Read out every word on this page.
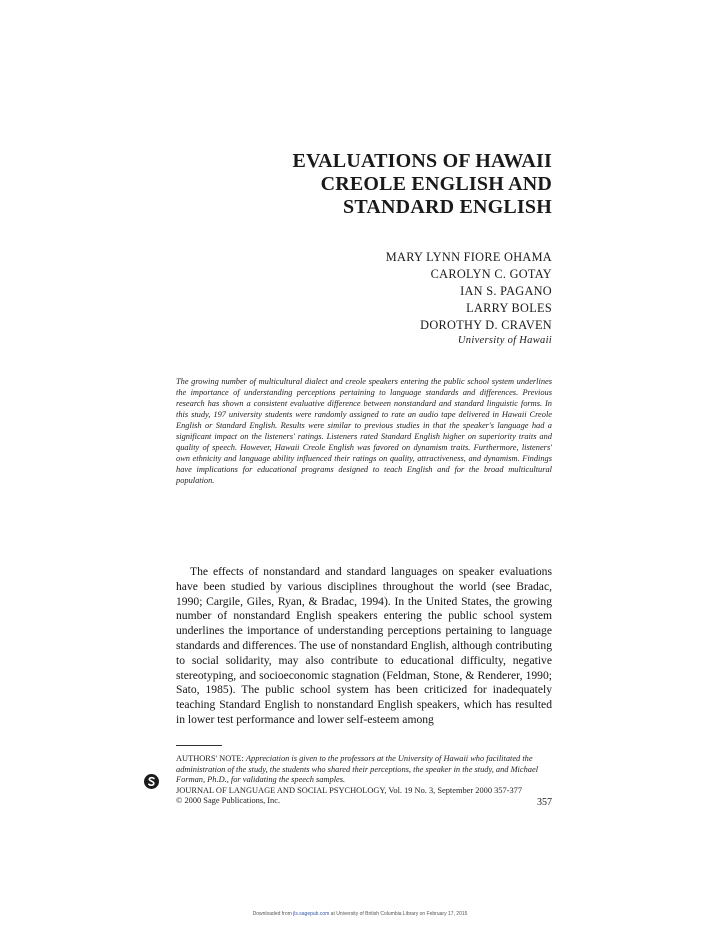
EVALUATIONS OF HAWAII
CREOLE ENGLISH AND
STANDARD ENGLISH
MARY LYNN FIORE OHAMA
CAROLYN C. GOTAY
IAN S. PAGANO
LARRY BOLES
DOROTHY D. CRAVEN
University of Hawaii
The growing number of multicultural dialect and creole speakers entering the public school system underlines the importance of understanding perceptions pertaining to language standards and differences. Previous research has shown a consistent evaluative difference between nonstandard and standard linguistic forms. In this study, 197 university students were randomly assigned to rate an audio tape delivered in Hawaii Creole English or Standard English. Results were similar to previous studies in that the speaker's language had a significant impact on the listeners' ratings. Listeners rated Standard English higher on superiority traits and quality of speech. However, Hawaii Creole English was favored on dynamism traits. Furthermore, listeners' own ethnicity and language ability influenced their ratings on quality, attractiveness, and dynamism. Findings have implications for educational programs designed to teach English and for the broad multicultural population.

The effects of nonstandard and standard languages on speaker evaluations have been studied by various disciplines throughout the world (see Bradac, 1990; Cargile, Giles, Ryan, & Bradac, 1994). In the United States, the growing number of nonstandard English speakers entering the public school system underlines the importance of understanding perceptions pertaining to language standards and differences. The use of nonstandard English, although contributing to social solidarity, may also contribute to educational difficulty, negative stereotyping, and socioeconomic stagnation (Feldman, Stone, & Renderer, 1990; Sato, 1985). The public school system has been criticized for inadequately teaching Standard English to nonstandard English speakers, which has resulted in lower test performance and lower self-esteem among

AUTHORS' NOTE: Appreciation is given to the professors at the University of Hawaii who facilitated the administration of the study, the students who shared their perceptions, the speaker in the study, and Michael Forman, Ph.D., for validating the speech samples.

JOURNAL OF LANGUAGE AND SOCIAL PSYCHOLOGY, Vol. 19 No. 3, September 2000 357-377

© 2000 Sage Publications, Inc.	357
Downloaded from jls.sagepub.com at University of British Columbia Library on February 17, 2015
